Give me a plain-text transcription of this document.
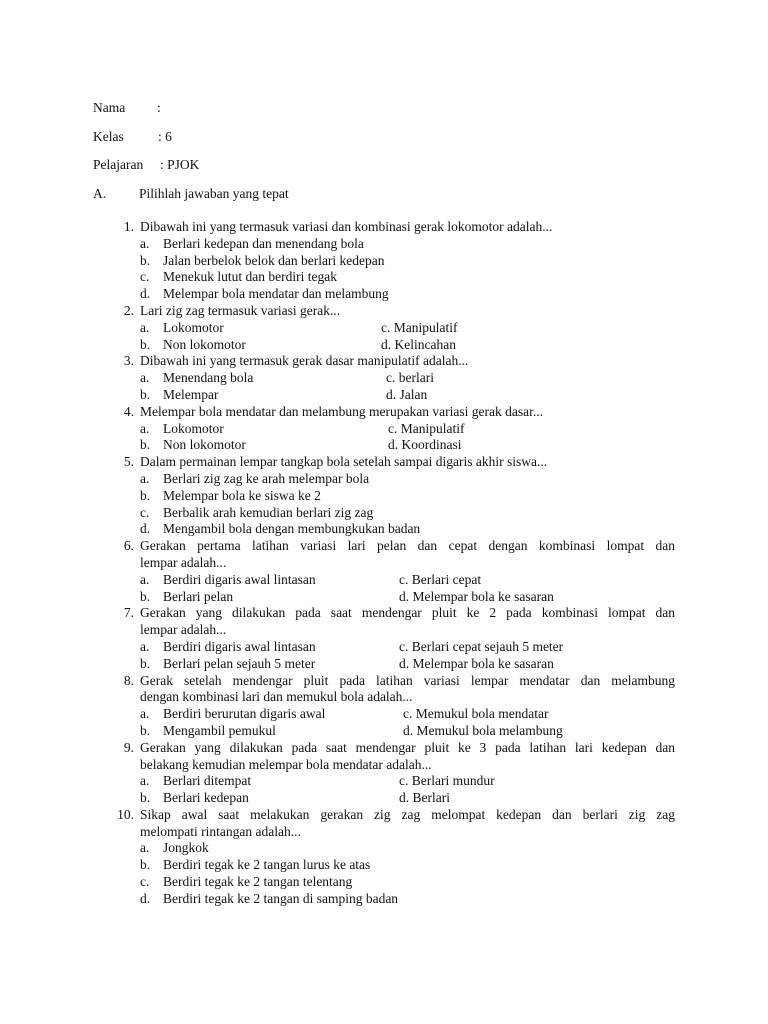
Nama :
Kelas	: 6
Pelajaran : PJOK
A. Pilihlah jawaban yang tepat
1. Dibawah ini yang termasuk variasi dan kombinasi gerak lokomotor adalah...
a. Berlari kedepan dan menendang bola
b. Jalan berbelok belok dan berlari kedepan
c. Menekuk lutut dan berdiri tegak
d. Melempar bola mendatar dan melambung
2. Lari zig zag termasuk variasi gerak...
a. Lokomotor	c. Manipulatif
b. Non lokomotor	d. Kelincahan
3. Dibawah ini yang termasuk gerak dasar manipulatif adalah...
a. Menendang bola	c. berlari
b. Melempar	d. Jalan
4. Melempar bola mendatar dan melambung merupakan variasi gerak dasar...
a. Lokomotor	c. Manipulatif
b. Non lokomotor	d. Koordinasi
5. Dalam permainan lempar tangkap bola setelah sampai digaris akhir siswa...
a. Berlari zig zag ke arah melempar bola
b. Melempar bola ke siswa ke 2
c. Berbalik arah kemudian berlari zig zag
d. Mengambil bola dengan membungkukan badan
6. Gerakan pertama latihan variasi lari pelan dan cepat dengan kombinasi lompat dan
lempar adalah...
a. Berdiri digaris awal lintasan	c. Berlari cepat
b. Berlari pelan	d. Melempar bola ke sasaran
7. Gerakan yang dilakukan pada saat mendengar pluit ke 2 pada kombinasi lompat dan
lempar adalah...
a. Berdiri digaris awal lintasan	c. Berlari cepat sejauh 5 meter
b. Berlari pelan sejauh 5 meter	d. Melempar bola ke sasaran
8. Gerak setelah mendengar pluit pada latihan variasi lempar mendatar dan melambung
dengan kombinasi lari dan memukul bola adalah...
a. Berdiri berurutan digaris awal	c. Memukul bola mendatar
b. Mengambil pemukul	d. Memukul bola melambung
9. Gerakan yang dilakukan pada saat mendengar pluit ke 3 pada latihan lari kedepan dan
belakang kemudian melempar bola mendatar adalah...
a. Berlari ditempat	c. Berlari mundur
b. Berlari kedepan	d. Berlari
10. Sikap awal saat melakukan gerakan zig zag melompat kedepan dan berlari zig zag
melompati rintangan adalah...
a. Jongkok
b. Berdiri tegak ke 2 tangan lurus ke atas
c. Berdiri tegak ke 2 tangan telentang
d. Berdiri tegak ke 2 tangan di samping badan
